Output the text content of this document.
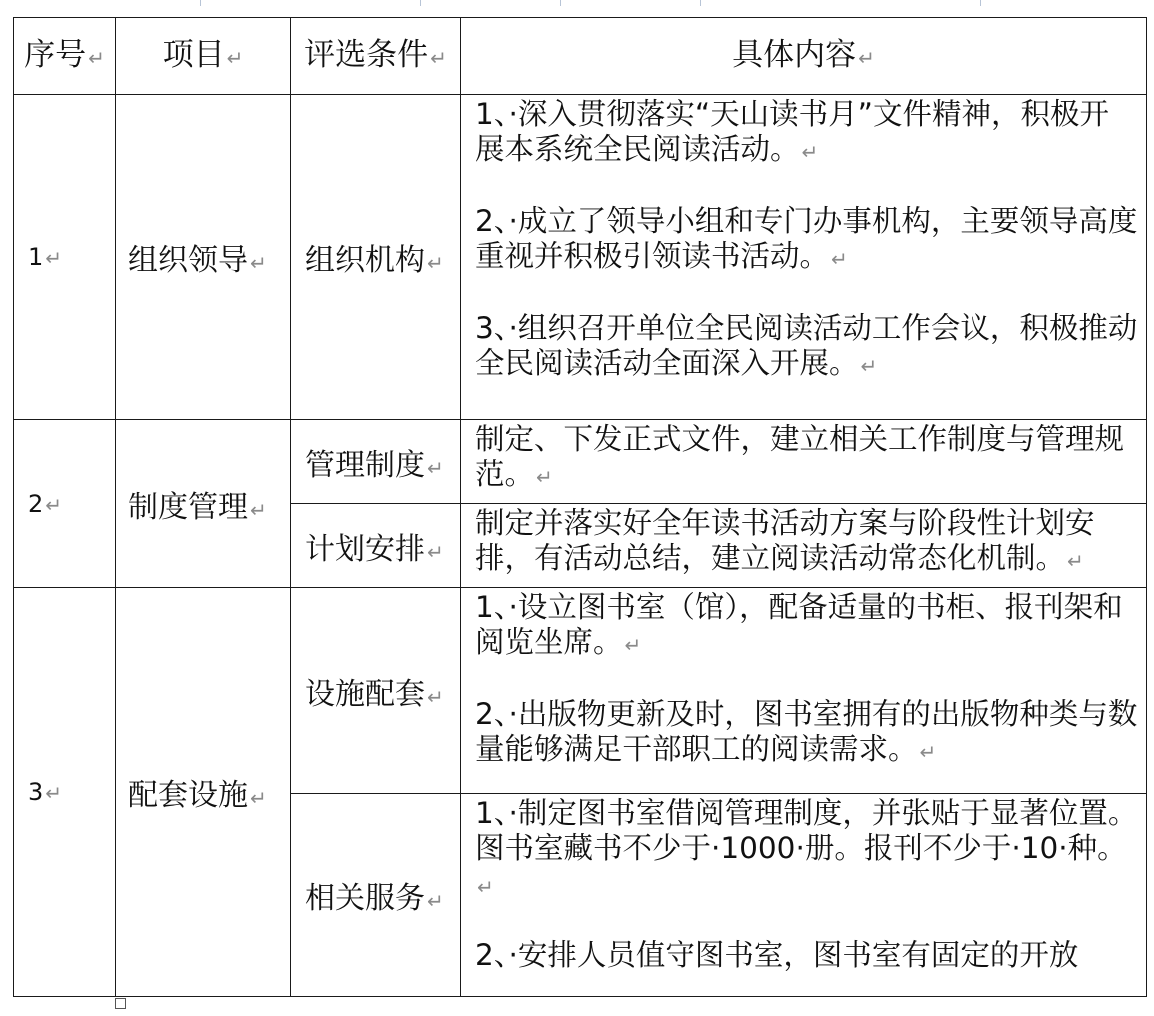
序号 ↵	项目 ↵	评选条件 ↵	具体内容 ↵
1 ↵	组织领导 ↵	组织机构 ↵	1、·深入贯彻落实“天山读书月”文件精神，积极开展本系统全民阅读活动。 ↵

2、·成立了领导小组和专门办事机构，主要领导高度重视并积极引领读书活动。 ↵

3、·组织召开单位全民阅读活动工作会议，积极推动全民阅读活动全面深入开展。 ↵

2 ↵	制度管理 ↵	管理制度 ↵	制定、下发正式文件，建立相关工作制度与管理规范。 ↵

		计划安排 ↵	制定并落实好全年读书活动方案与阶段性计划安排，有活动总结，建立阅读活动常态化机制。 ↵

3 ↵	配套设施 ↵	设施配套 ↵	1、·设立图书室（馆），配备适量的书柜、报刊架和阅览坐席。 ↵

2、·出版物更新及时，图书室拥有的出版物种类与数量能够满足干部职工的阅读需求。 ↵

		相关服务 ↵	1、·制定图书室借阅管理制度，并张贴于显著位置。图书室藏书不少于·1000·册。报刊不少于·10·种。↵

2、·安排人员值守图书室，图书室有固定的开放
